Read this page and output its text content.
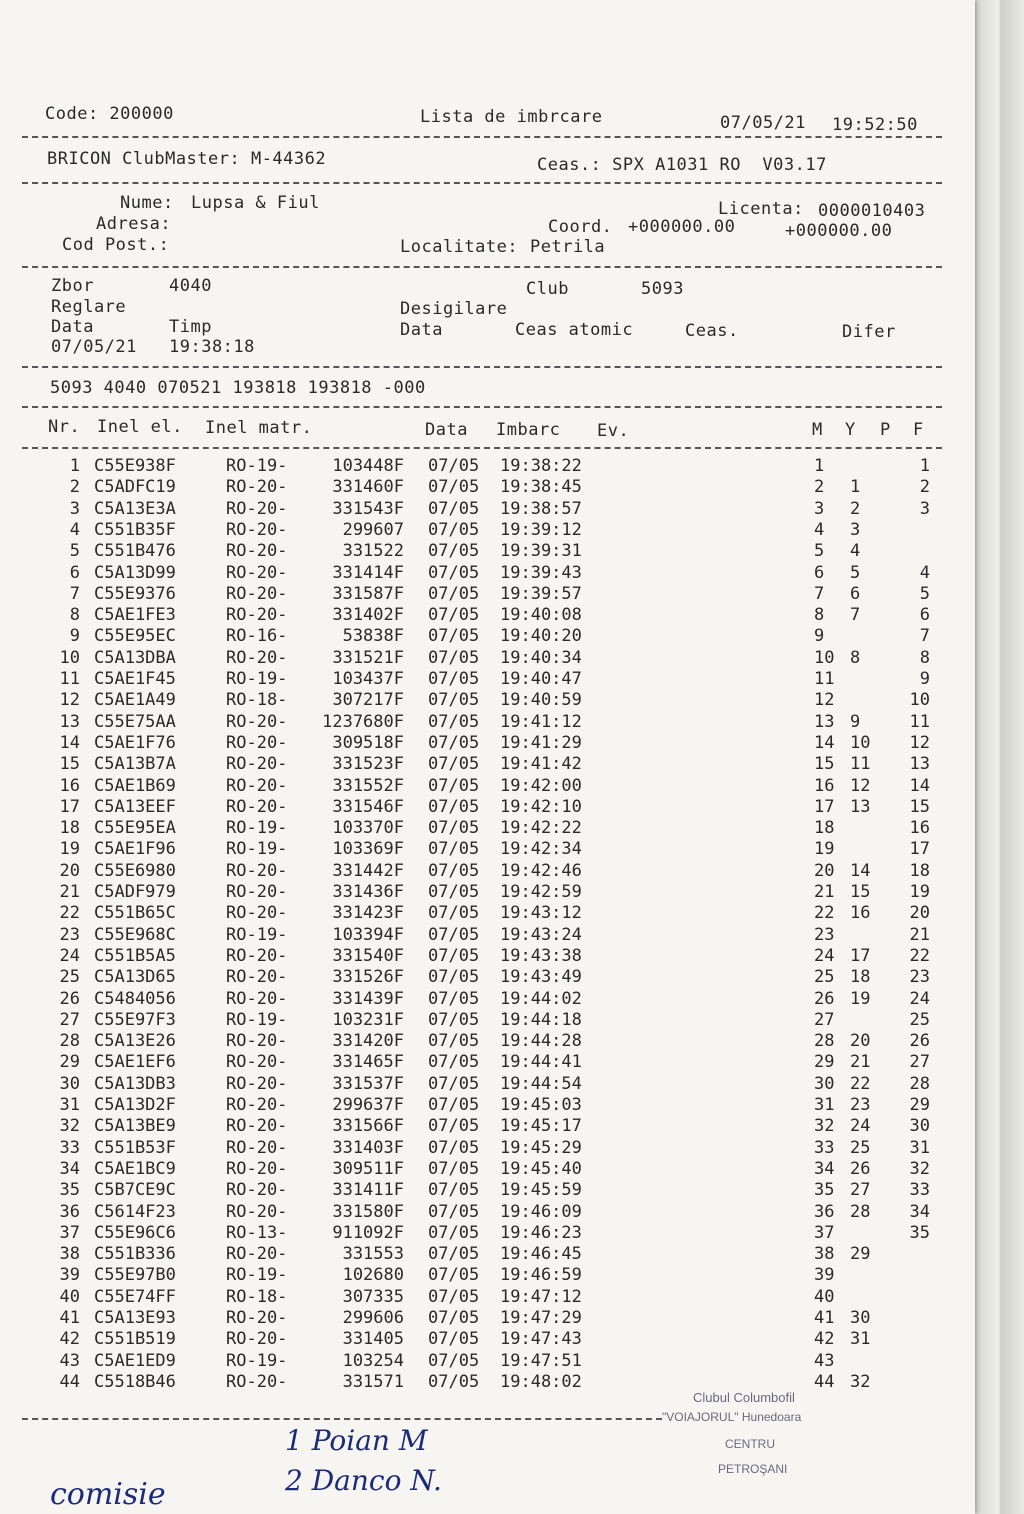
Code: 200000	Lista de imbrcare	07/05/21 19:52:50
BRICON ClubMaster: M-44362	Ceas.: SPX A1031 RO  V03.17
Nume: Lupsa & Fiul	Licenta: 0000010403
Adresa:	Coord. +000000.00	+000000.00
Cod Post.:	Localitate: Petrila
Zbor	4040	Club	5093
Reglare	Desigilare
Data	Timp	Data	Ceas atomic	Ceas.	Difer
07/05/21 19:38:18
5093 4040 070521 193818 193818 -000
Nr. Inel el. Inel matr.	Data Imbarc Ev.	M Y P F
1 C55E938F	RO-19-	103448F 07/05 19:38:22	1	1
2 C5ADFC19	RO-20-	331460F 07/05 19:38:45	2 1	2
3 C5A13E3A	RO-20-	331543F 07/05 19:38:57	3 2	3
4 C551B35F	RO-20-	299607 07/05 19:39:12	4 3
5 C551B476	RO-20-	331522 07/05 19:39:31	5 4
6 C5A13D99	RO-20-	331414F 07/05 19:39:43	6 5	4
7 C55E9376	RO-20-	331587F 07/05 19:39:57	7 6	5
8 C5AE1FE3	RO-20-	331402F 07/05 19:40:08	8 7	6
9 C55E95EC	RO-16-	53838F 07/05 19:40:20	9	7
10 C5A13DBA	RO-20-	331521F 07/05 19:40:34	10 8	8
11 C5AE1F45	RO-19-	103437F 07/05 19:40:47	11	9
12 C5AE1A49	RO-18-	307217F 07/05 19:40:59	12	10
13 C55E75AA	RO-20- 1237680F 07/05 19:41:12	13 9	11
14 C5AE1F76	RO-20-	309518F 07/05 19:41:29	14 10	12
15 C5A13B7A	RO-20-	331523F 07/05 19:41:42	15 11	13
16 C5AE1B69	RO-20-	331552F 07/05 19:42:00	16 12	14
17 C5A13EEF	RO-20-	331546F 07/05 19:42:10	17 13	15
18 C55E95EA	RO-19-	103370F 07/05 19:42:22	18	16
19 C5AE1F96	RO-19-	103369F 07/05 19:42:34	19	17
20 C55E6980	RO-20-	331442F 07/05 19:42:46	20 14	18
21 C5ADF979	RO-20-	331436F 07/05 19:42:59	21 15	19
22 C551B65C	RO-20-	331423F 07/05 19:43:12	22 16	20
23 C55E968C	RO-19-	103394F 07/05 19:43:24	23	21
24 C551B5A5	RO-20-	331540F 07/05 19:43:38	24 17	22
25 C5A13D65	RO-20-	331526F 07/05 19:43:49	25 18	23
26 C5484056	RO-20-	331439F 07/05 19:44:02	26 19	24
27 C55E97F3	RO-19-	103231F 07/05 19:44:18	27	25
28 C5A13E26	RO-20-	331420F 07/05 19:44:28	28 20	26
29 C5AE1EF6	RO-20-	331465F 07/05 19:44:41	29 21	27
30 C5A13DB3	RO-20-	331537F 07/05 19:44:54	30 22	28
31 C5A13D2F	RO-20-	299637F 07/05 19:45:03	31 23	29
32 C5A13BE9	RO-20-	331566F 07/05 19:45:17	32 24	30
33 C551B53F	RO-20-	331403F 07/05 19:45:29	33 25	31
34 C5AE1BC9	RO-20-	309511F 07/05 19:45:40	34 26	32
35 C5B7CE9C	RO-20-	331411F 07/05 19:45:59	35 27	33
36 C5614F23	RO-20-	331580F 07/05 19:46:09	36 28	34
37 C55E96C6	RO-13-	911092F 07/05 19:46:23	37	35
38 C551B336	RO-20-	331553 07/05 19:46:45	38 29
39 C55E97B0	RO-19-	102680 07/05 19:46:59	39
40 C55E74FF	RO-18-	307335 07/05 19:47:12	40
41 C5A13E93	RO-20-	299606 07/05 19:47:29	41 30
42 C551B519	RO-20-	331405 07/05 19:47:43	42 31
43 C5AE1ED9	RO-19-	103254 07/05 19:47:51	43
44 C5518B46	RO-20-	331571 07/05 19:48:02	44 32
Clubul Columbofil
"VOIAJORUL" Hunedoara
CENTRU
PETROŞANI
comisie
1 Poian M
2 Danco N.
